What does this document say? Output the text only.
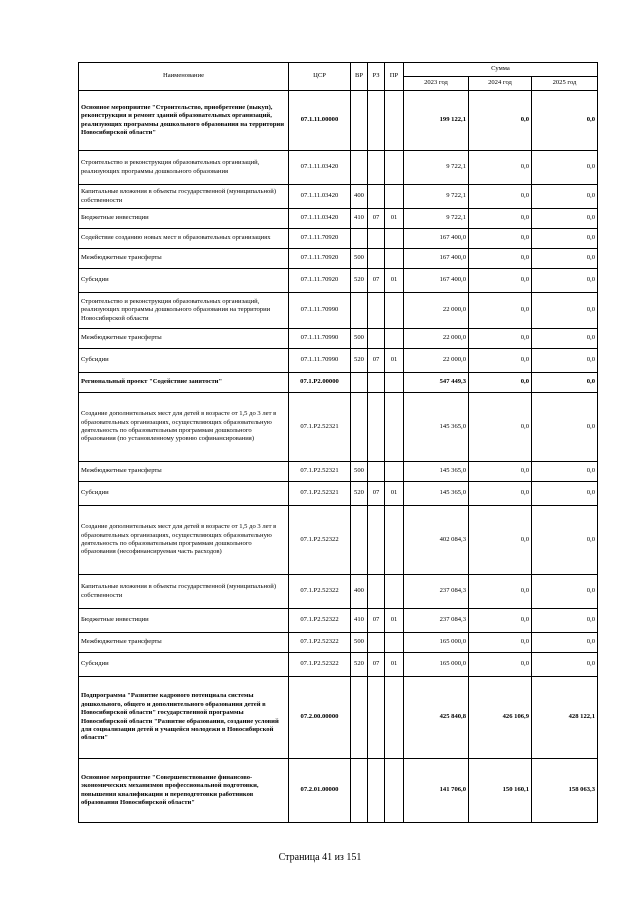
Наименование	ЦСР	ВР	РЗ	ПР	Сумма		
					2023 год	2024 год	2025 год
Основное мероприятие "Строительство, приобретение (выкуп), реконструкция и ремонт зданий образовательных организаций, реализующих программы дошкольного образования на территории Новосибирской области"	07.1.11.00000				199 122,1	0,0	0,0
Строительство и реконструкция образовательных организаций, реализующих программы дошкольного образования	07.1.11.03420				9 722,1	0,0	0,0
Капитальные вложения в объекты государственной (муниципальной) собственности	07.1.11.03420	400			9 722,1	0,0	0,0
Бюджетные инвестиции	07.1.11.03420	410	07	01	9 722,1	0,0	0,0
Содействие созданию новых мест в образовательных организациях	07.1.11.70920				167 400,0	0,0	0,0
Межбюджетные трансферты	07.1.11.70920	500			167 400,0	0,0	0,0
Субсидии	07.1.11.70920	520	07	01	167 400,0	0,0	0,0
Строительство и реконструкция образовательных организаций, реализующих программы дошкольного образования на территории Новосибирской области	07.1.11.70990				22 000,0	0,0	0,0
Межбюджетные трансферты	07.1.11.70990	500			22 000,0	0,0	0,0
Субсидии	07.1.11.70990	520	07	01	22 000,0	0,0	0,0
Региональный проект "Содействие занятости"	07.1.P2.00000				547 449,3	0,0	0,0
Создание дополнительных мест для детей в возрасте от 1,5 до 3 лет в образовательных организациях, осуществляющих образовательную деятельность по образовательным программам дошкольного образования (по установленному уровню софинансирования)	07.1.P2.52321				145 365,0	0,0	0,0
Межбюджетные трансферты	07.1.P2.52321	500			145 365,0	0,0	0,0
Субсидии	07.1.P2.52321	520	07	01	145 365,0	0,0	0,0
Создание дополнительных мест для детей в возрасте от 1,5 до 3 лет в образовательных организациях, осуществляющих образовательную деятельность по образовательным программам дошкольного образования (несофинансируемая часть расходов)	07.1.P2.52322				402 084,3	0,0	0,0
Капитальные вложения в объекты государственной (муниципальной) собственности	07.1.P2.52322	400			237 084,3	0,0	0,0
Бюджетные инвестиции	07.1.P2.52322	410	07	01	237 084,3	0,0	0,0
Межбюджетные трансферты	07.1.P2.52322	500			165 000,0	0,0	0,0
Субсидии	07.1.P2.52322	520	07	01	165 000,0	0,0	0,0
Подпрограмма "Развитие кадрового потенциала системы дошкольного, общего и дополнительного образования детей в Новосибирской области" государственной программы Новосибирской области "Развитие образования, создание условий для социализации детей и учащейся молодежи в Новосибирской области"	07.2.00.00000				425 840,8	426 106,9	428 122,1
Основное мероприятие "Совершенствование финансово-экономических механизмов профессиональной подготовки, повышения квалификации и переподготовки работников образования Новосибирской области"	07.2.01.00000				141 706,0	150 160,1	158 063,3
Страница 41 из 151
